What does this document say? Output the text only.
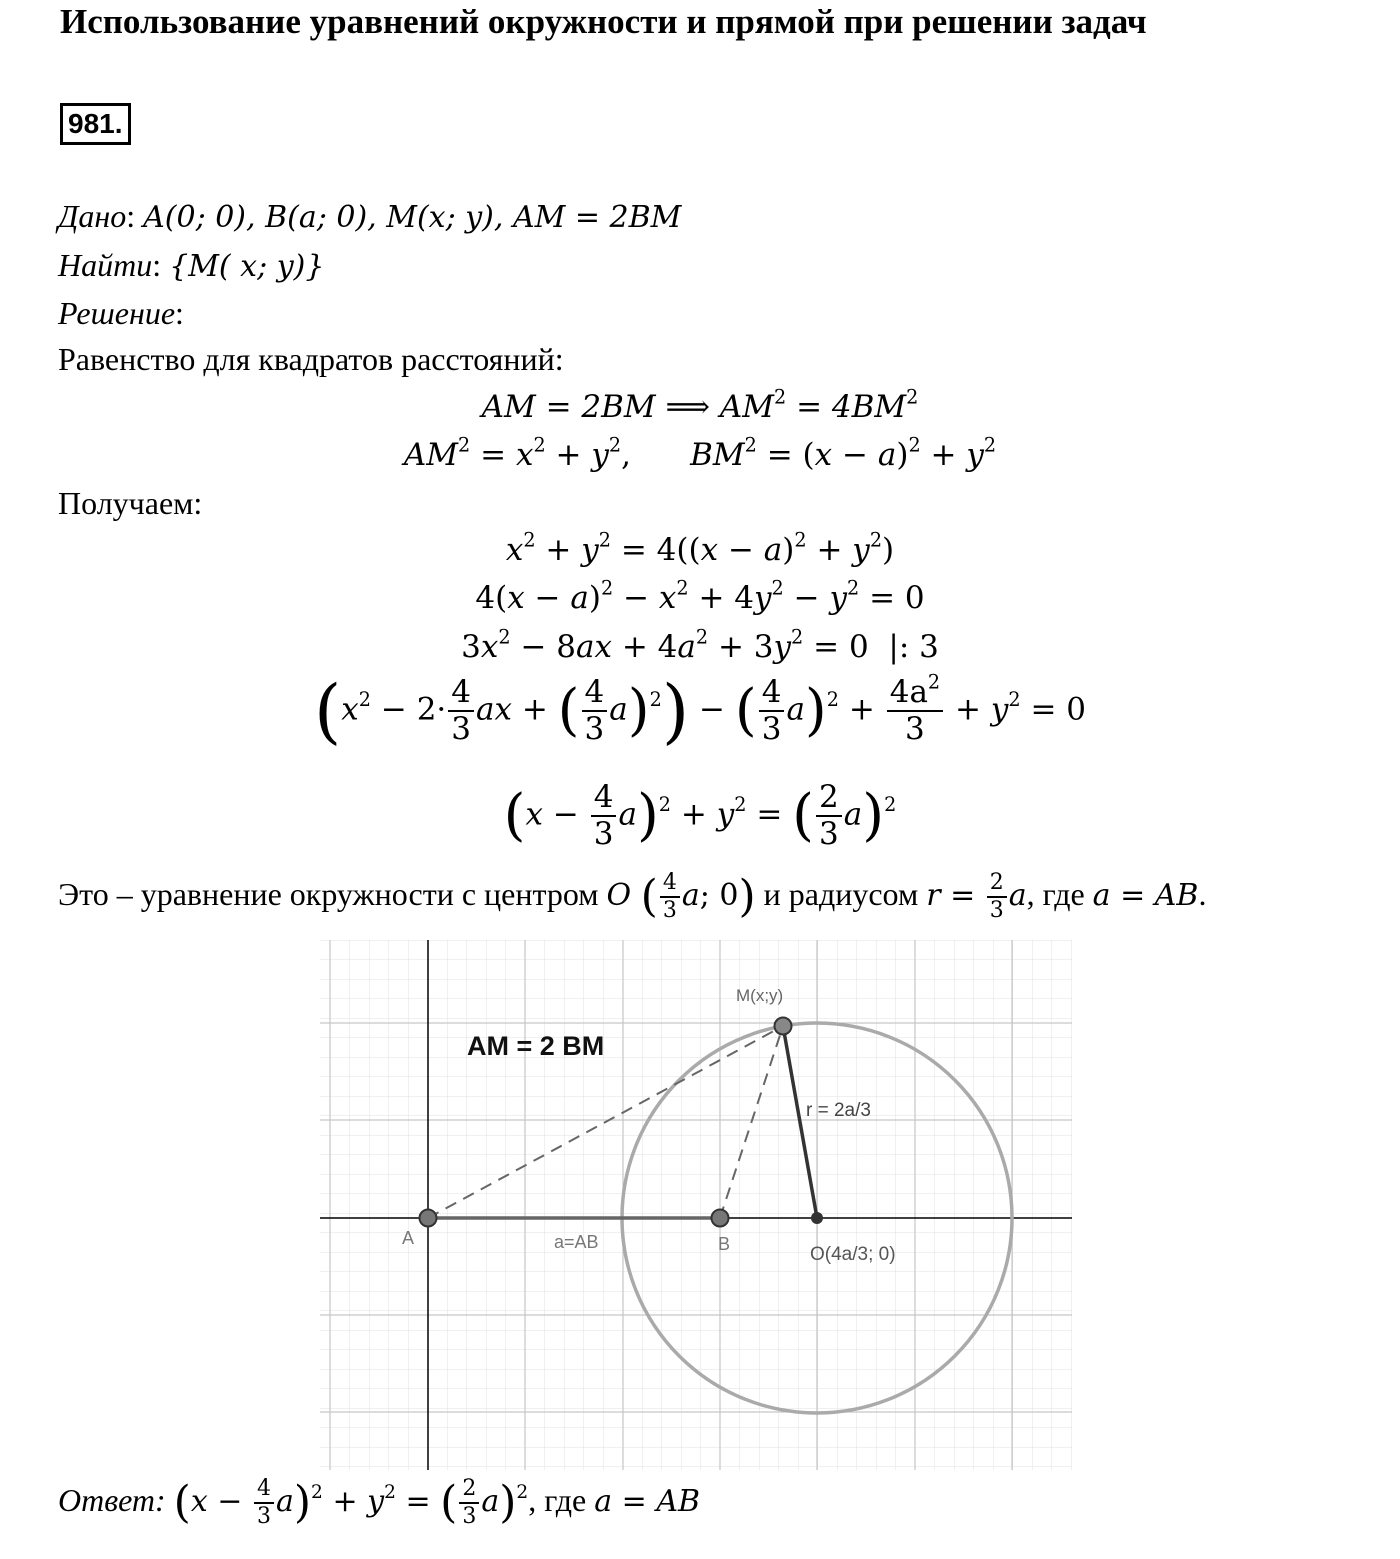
Использование уравнений окружности и прямой при решении задач
981.
Дано: A(0; 0), B(a; 0), M(x; y), AM = 2BM
Найти: {M( x; y)}
Решение:
Равенство для квадратов расстояний:
AM = 2BM ⟹ $AM^2 = 4BM^2$
$AM^2 = x^2 + y^2$,      $BM^2 = (x - a)^2 + y^2$
Получаем:
$x^2 + y^2 = 4((x - a)^2 + y^2)$
$4(x - a)^2 - x^2 + 4y^2 - y^2 = 0$
$3x^2 - 8ax + 4a^2 + 3y^2 = 0$  |: 3
($x^2 - 2\cdot \frac{4}{3}$ ax + ( $\frac{4}{3} a)^2$) − ( $\frac{4}{3} a)^2 + \frac{4a^2}{3} + y^2 = 0$
$(x - \frac{4}{3} a)^2 + y^2$ = ( $\frac{2}{3} a)^2$
Это – уравнение окружности с центром O ( $\frac{4}{3} a$; 0) и радиусом $r = \frac{2}{3} a$, где a = AB.
AM = 2 BM
M(x;y)
r = 2a/3
A	a=AB	B	O(4a/3; 0)
Ответ: $(x - \frac{4}{3} a)^2 + y^2$ = ( $\frac{2}{3} a)^2$, где a = AB
